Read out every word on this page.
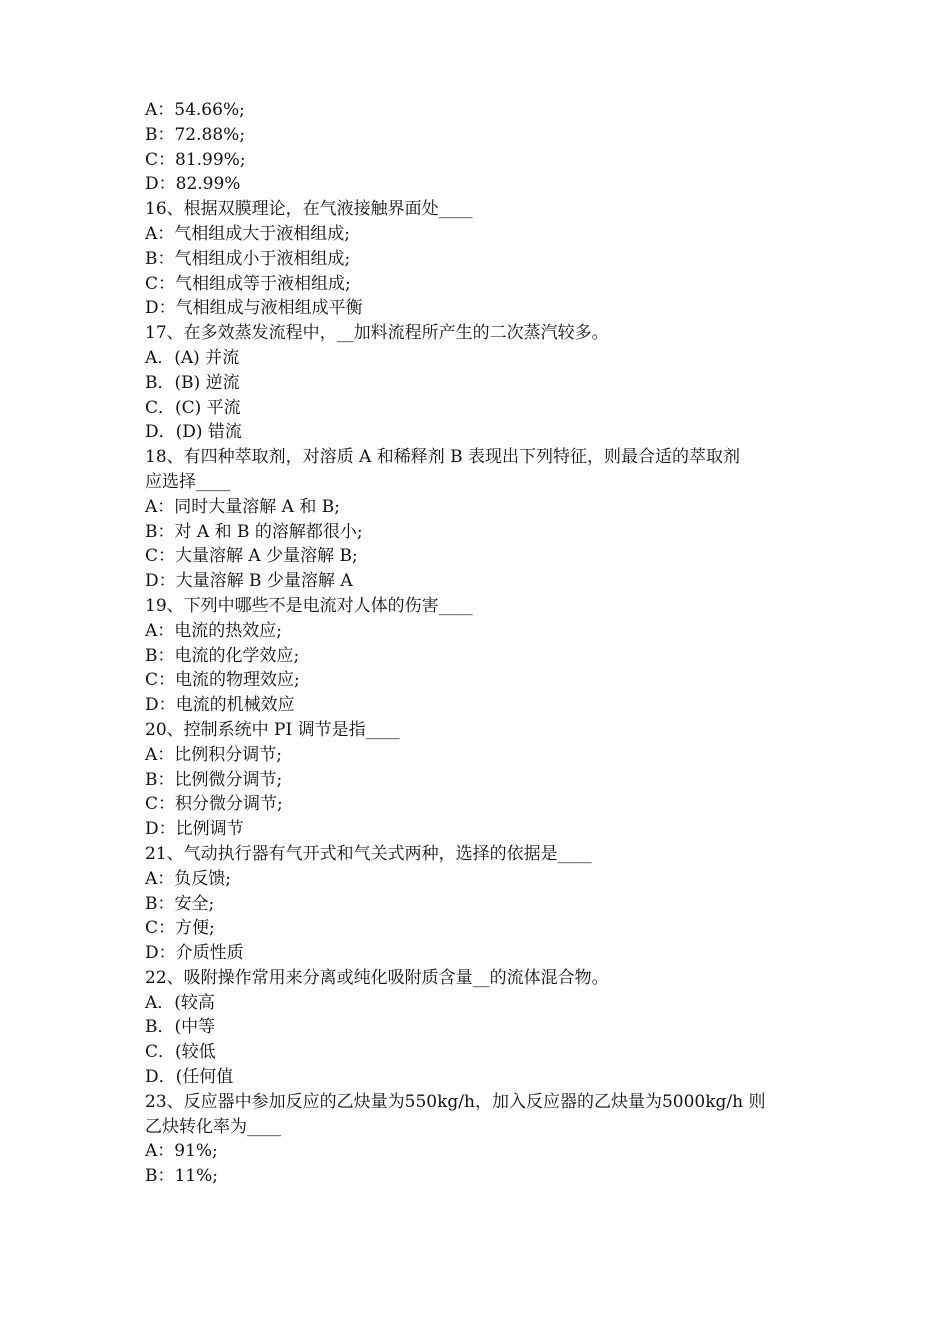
A：54.66%;

B：72.88%;

C：81.99%;

D：82.99%

16、根据双膜理论，在气液接触界面处____

A：气相组成大于液相组成;

B：气相组成小于液相组成;

C：气相组成等于液相组成;

D：气相组成与液相组成平衡

17、在多效蒸发流程中，__加料流程所产生的二次蒸汽较多。

A．(A) 并流

B．(B) 逆流

C．(C) 平流

D．(D) 错流

18、有四种萃取剂，对溶质 A 和稀释剂 B 表现出下列特征，则最合适的萃取剂

应选择____

A：同时大量溶解 A 和 B;

B：对 A 和 B 的溶解都很小;

C：大量溶解 A 少量溶解 B;

D：大量溶解 B 少量溶解 A

19、下列中哪些不是电流对人体的伤害____

A：电流的热效应;

B：电流的化学效应;

C：电流的物理效应;

D：电流的机械效应

20、控制系统中 PI 调节是指____

A：比例积分调节;

B：比例微分调节;

C：积分微分调节;

D：比例调节

21、气动执行器有气开式和气关式两种，选择的依据是____

A：负反馈;

B：安全;

C：方便;

D：介质性质

22、吸附操作常用来分离或纯化吸附质含量__的流体混合物。

A．(较高

B．(中等

C．(较低

D．(任何值

23、反应器中参加反应的乙炔量为550kg/h，加入反应器的乙炔量为5000kg/h 则

乙炔转化率为____

A：91%;

B：11%;
